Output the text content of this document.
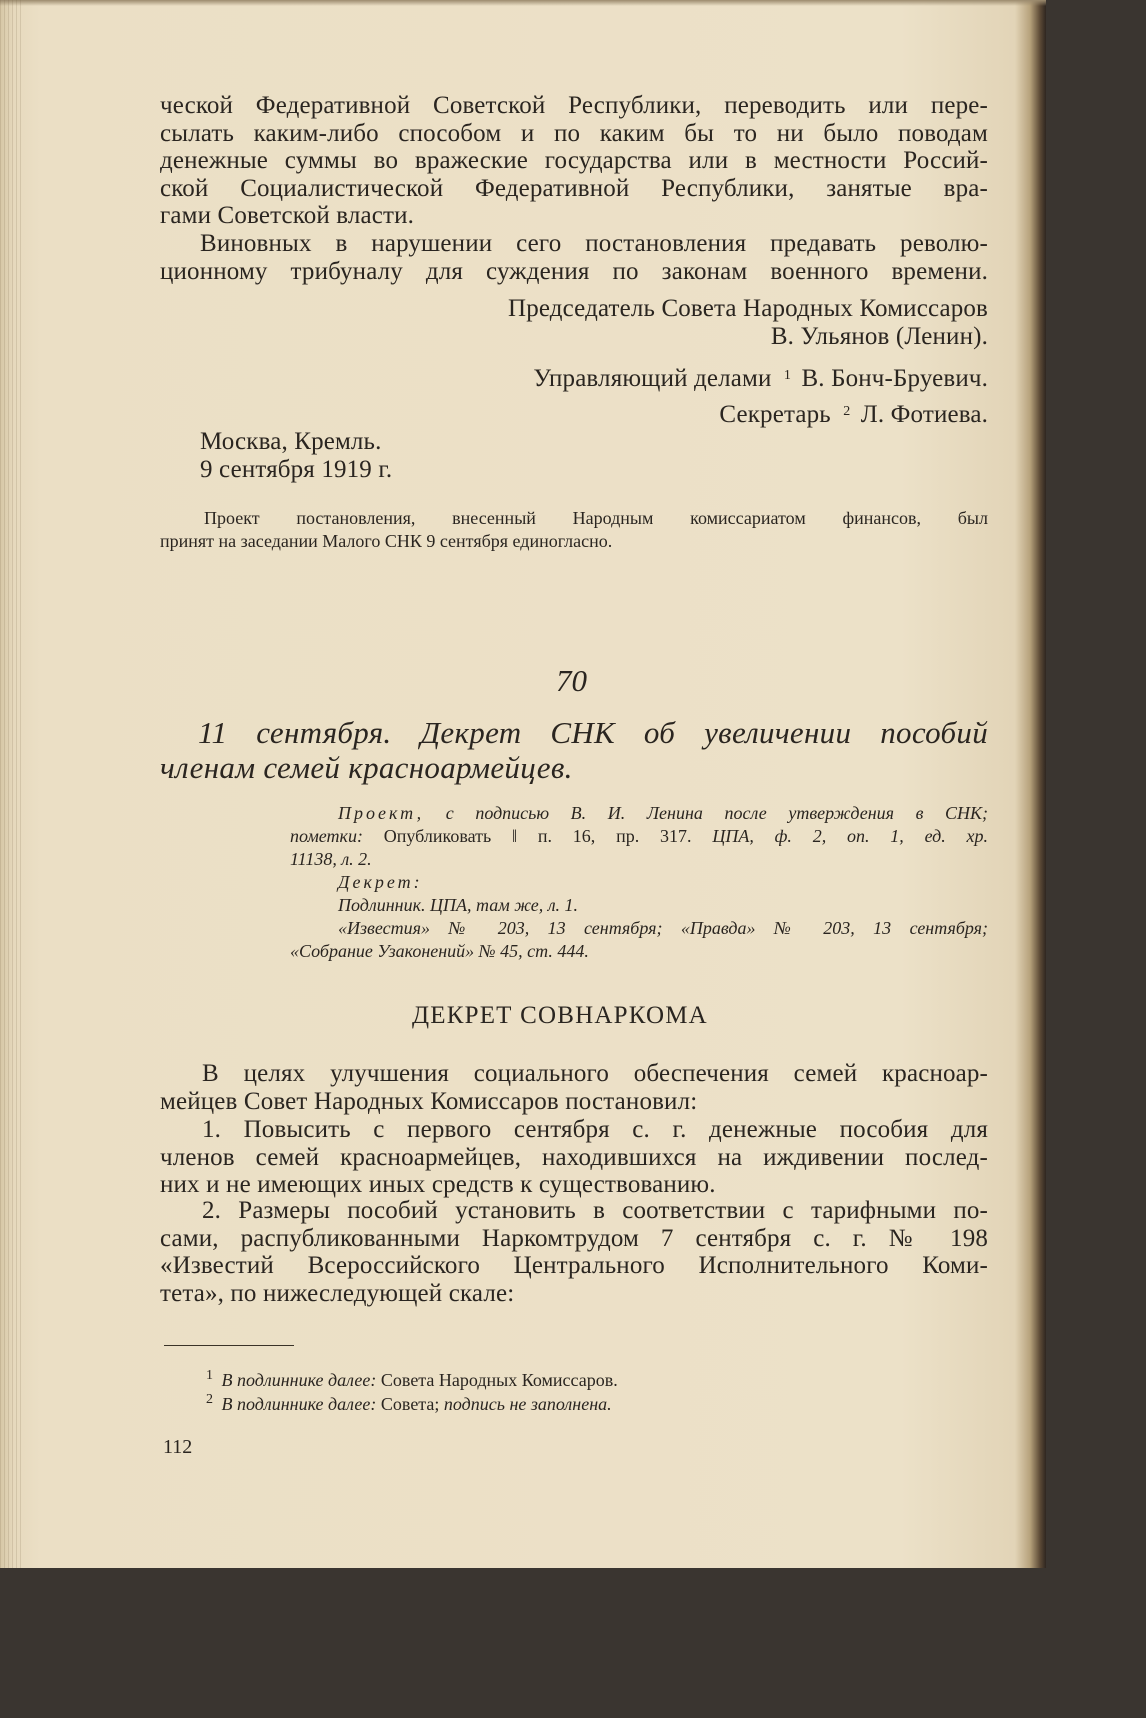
ческой Федеративной Советской Республики, переводить или пере-
сылать каким-либо способом и по каким бы то ни было поводам
денежные суммы во вражеские государства или в местности Россий-
ской Социалистической Федеративной Республики, занятые вра-
гами Советской власти.
Виновных в нарушении сего постановления предавать револю-
ционному трибуналу для суждения по законам военного времени.
Председатель Совета Народных Комиссаров
В. Ульянов (Ленин).
Управляющий делами $^1$ В. Бонч-Бруевич.
Секретарь $^2$ Л. Фотиева.
Москва, Кремль.
9 сентября 1919 г.
Проект постановления, внесенный Народным комиссариатом финансов, был
принят на заседании Малого СНК 9 сентября единогласно.
70
11 сентября. Декрет СНК об увеличении пособий
членам семей красноармейцев.
Проект, с подписью В. И. Ленина после утверждения в СНК;
пометки: Опубликовать ‖ п. 16, пр. 317. ЦПА, ф. 2, оп. 1, ед. хр.
11138, л. 2.
Декрет:
Подлинник. ЦПА, там же, л. 1.
«Известия» № 203, 13 сентября; «Правда» № 203, 13 сентября;
«Собрание Узаконений» № 45, ст. 444.
ДЕКРЕТ СОВНАРКОМА
В целях улучшения социального обеспечения семей красноар-
мейцев Совет Народных Комиссаров постановил:
1. Повысить с первого сентября с. г. денежные пособия для
членов семей красноармейцев, находившихся на иждивении послед-
них и не имеющих иных средств к существованию.
2. Размеры пособий установить в соответствии с тарифными по-
сами, распубликованными Наркомтрудом 7 сентября с. г. № 198
«Известий Всероссийского Центрального Исполнительного Коми-
тета», по нижеследующей скале:
$^1$ В подлиннике далее: Совета Народных Комиссаров.
$^2$ В подлиннике далее: Совета; подпись не заполнена.
112
